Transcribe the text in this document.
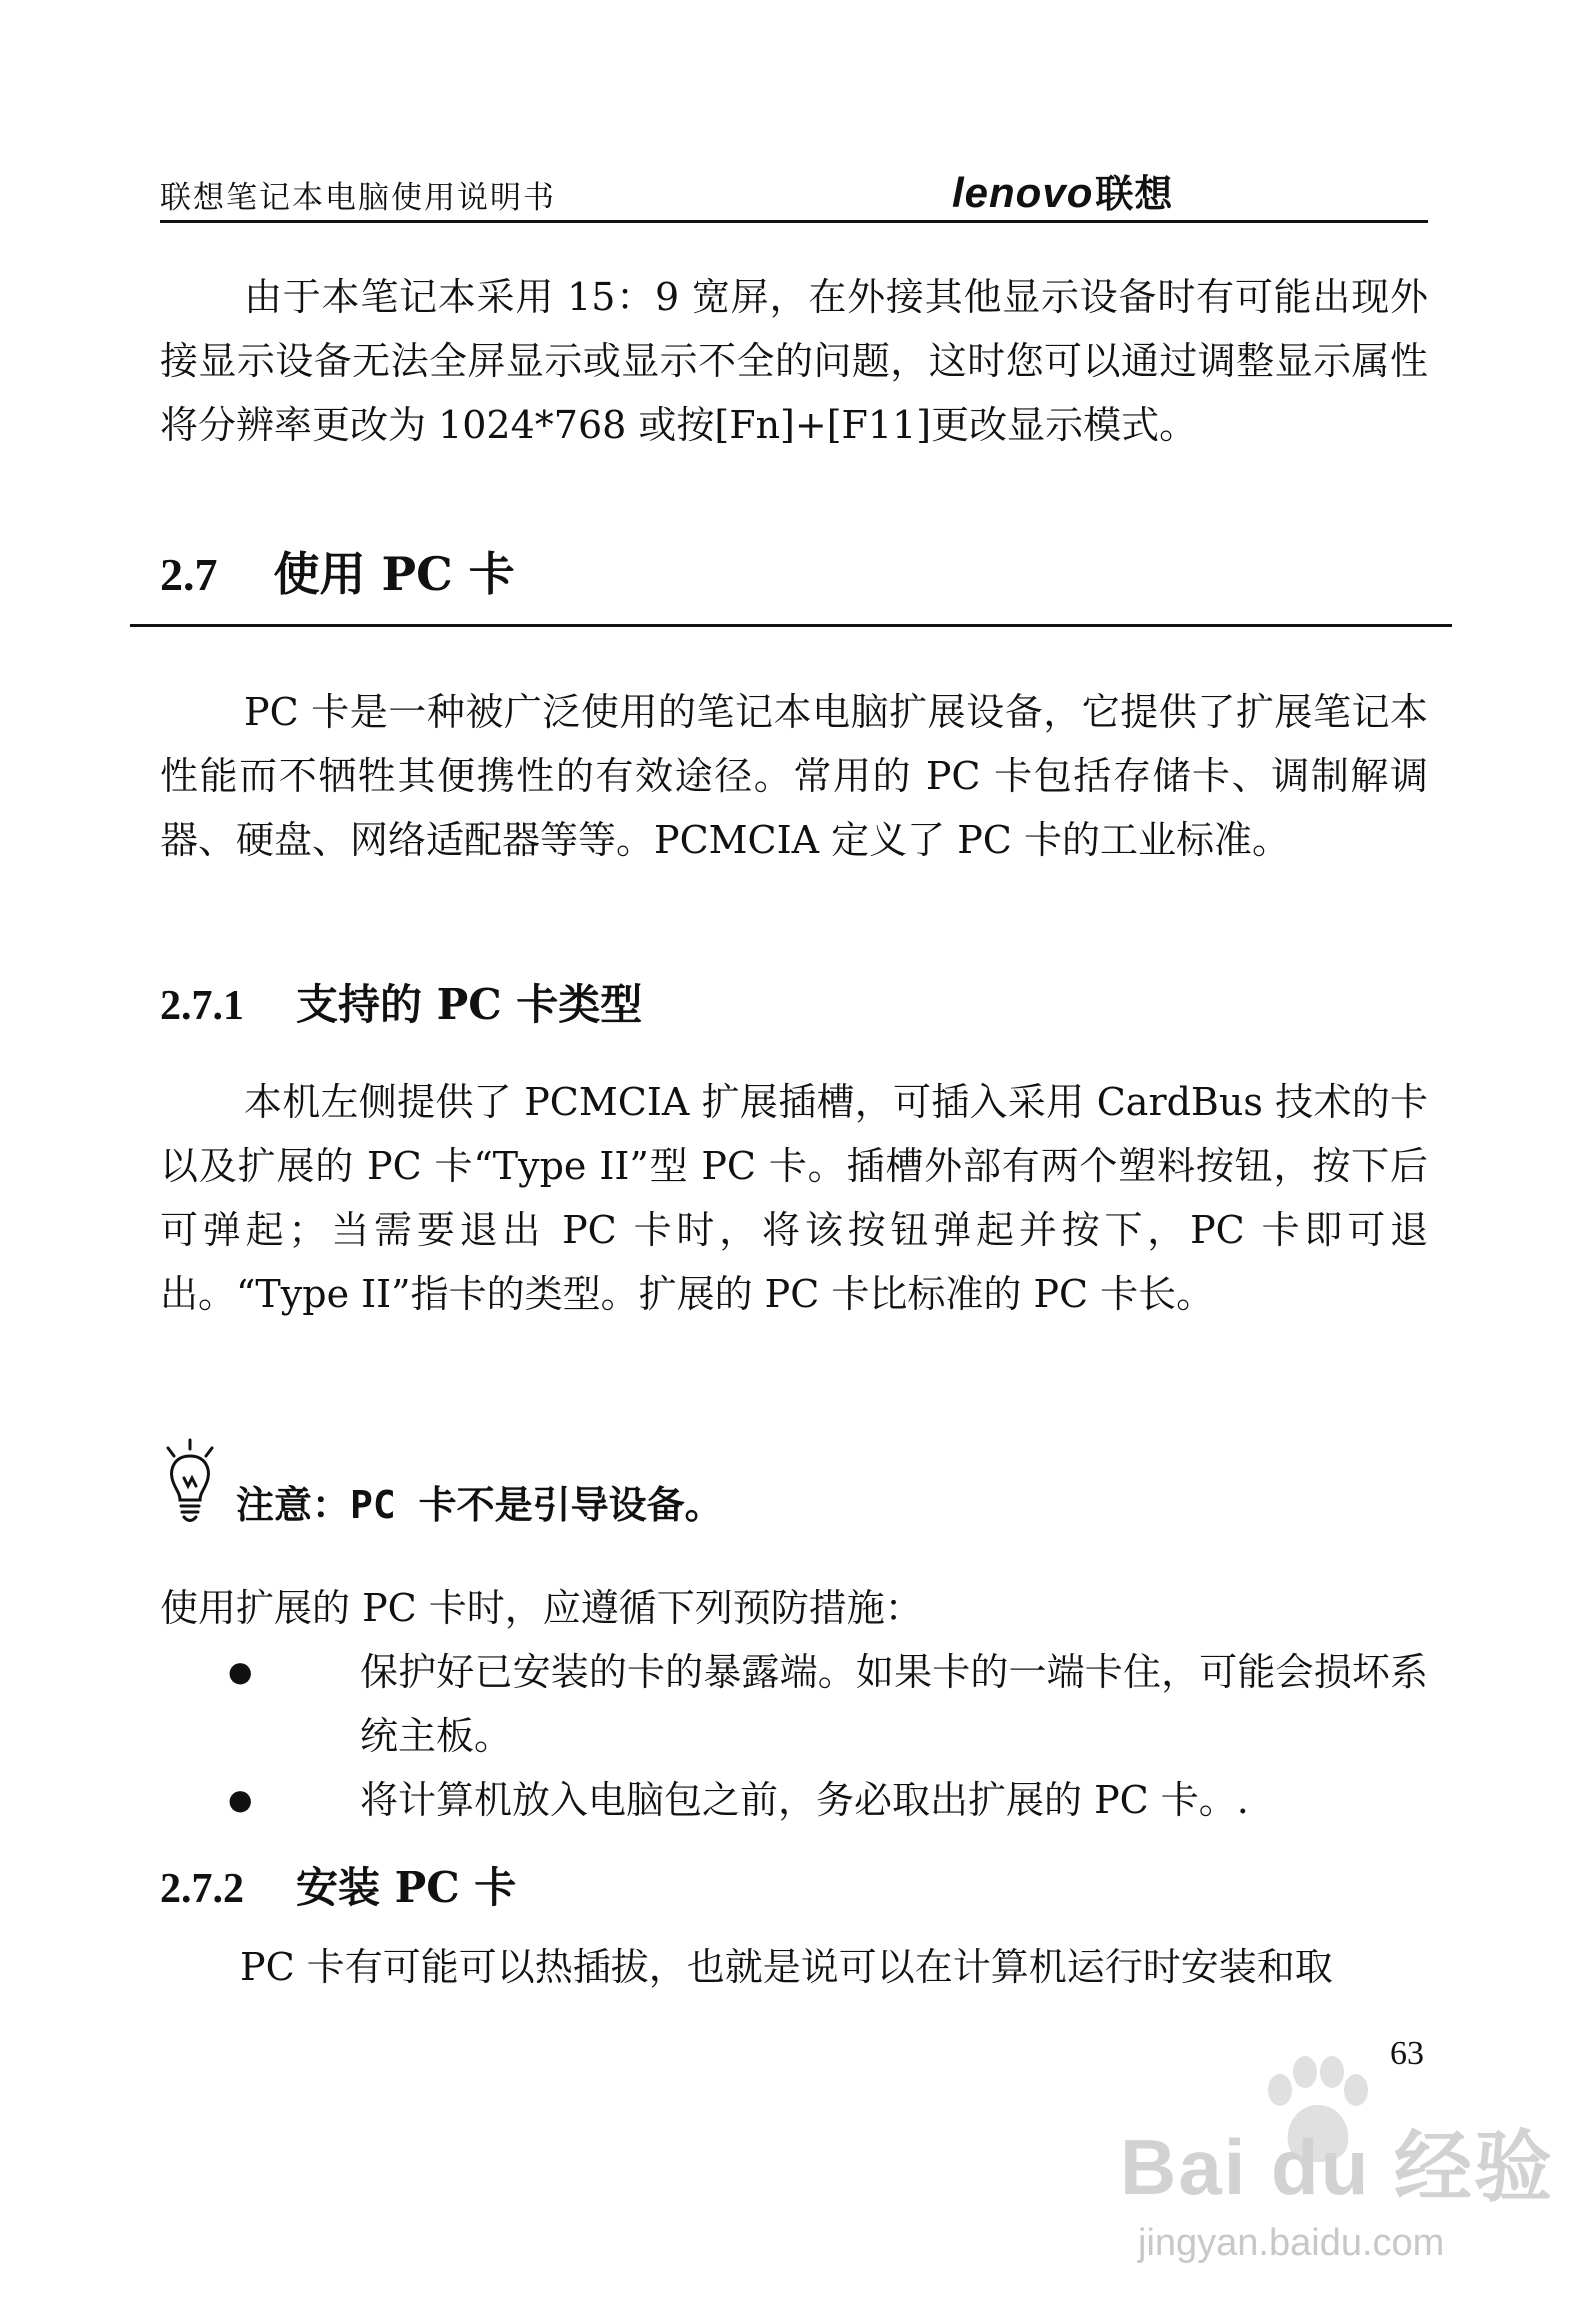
联想笔记本电脑使用说明书	lenovo联想
由于本笔记本采用 15：9 宽屏，在外接其他显示设备时有可能出现外接显示设备无法全屏显示或显示不全的问题，这时您可以通过调整显示属性将分辨率更改为 1024*768 或按[Fn]+[F11]更改显示模式。
2.7 使用 PC 卡
PC 卡是一种被广泛使用的笔记本电脑扩展设备，它提供了扩展笔记本性能而不牺牲其便携性的有效途径。常用的 PC 卡包括存储卡、调制解调器、硬盘、网络适配器等等。PCMCIA 定义了 PC 卡的工业标准。
2.7.1 支持的 PC 卡类型
本机左侧提供了 PCMCIA 扩展插槽，可插入采用 CardBus 技术的卡以及扩展的 PC 卡“Type II”型 PC 卡。插槽外部有两个塑料按钮，按下后可弹起；当需要退出 PC 卡时，将该按钮弹起并按下，PC 卡即可退出。“Type II”指卡的类型。扩展的 PC 卡比标准的 PC 卡长。
注意：PC 卡不是引导设备。
使用扩展的 PC 卡时，应遵循下列预防措施：
●	保护好已安装的卡的暴露端。如果卡的一端卡住，可能会损坏系统主板。
●	将计算机放入电脑包之前，务必取出扩展的 PC 卡。.
2.7.2 安装 PC 卡
PC 卡有可能可以热插拔，也就是说可以在计算机运行时安装和取
63
Bai du 经验
jingyan.baidu.com
